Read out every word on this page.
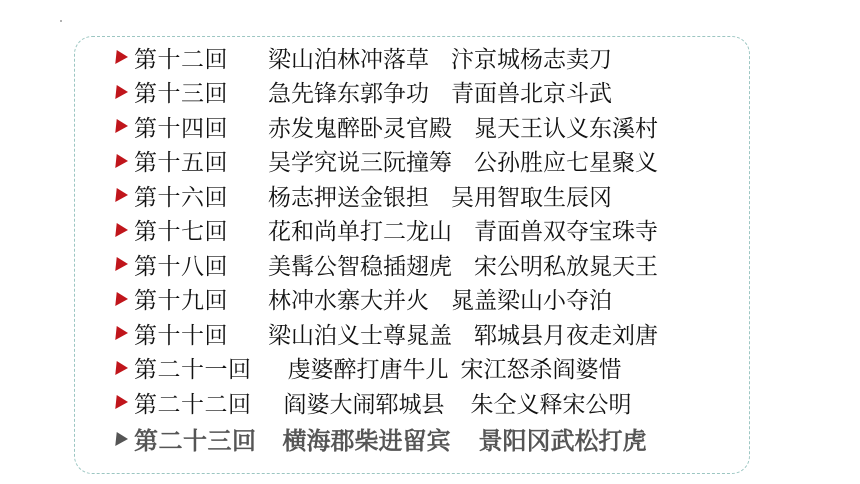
第十二回 梁山泊林冲落草 汴京城杨志卖刀
第十三回 急先锋东郭争功 青面兽北京斗武
第十四回 赤发鬼醉卧灵官殿 晁天王认义东溪村
第十五回 吴学究说三阮撞筹 公孙胜应七星聚义
第十六回 杨志押送金银担 吴用智取生辰冈
第十七回 花和尚单打二龙山 青面兽双夺宝珠寺
第十八回 美髯公智稳插翅虎 宋公明私放晁天王
第十九回 林冲水寨大并火 晁盖梁山小夺泊
第十十回 梁山泊义士尊晁盖 郓城县月夜走刘唐
第二十一回 虔婆醉打唐牛儿 宋江怒杀阎婆惜
第二十二回 阎婆大闹郓城县 朱仝义释宋公明
第二十三回 横海郡柴进留宾 景阳冈武松打虎
